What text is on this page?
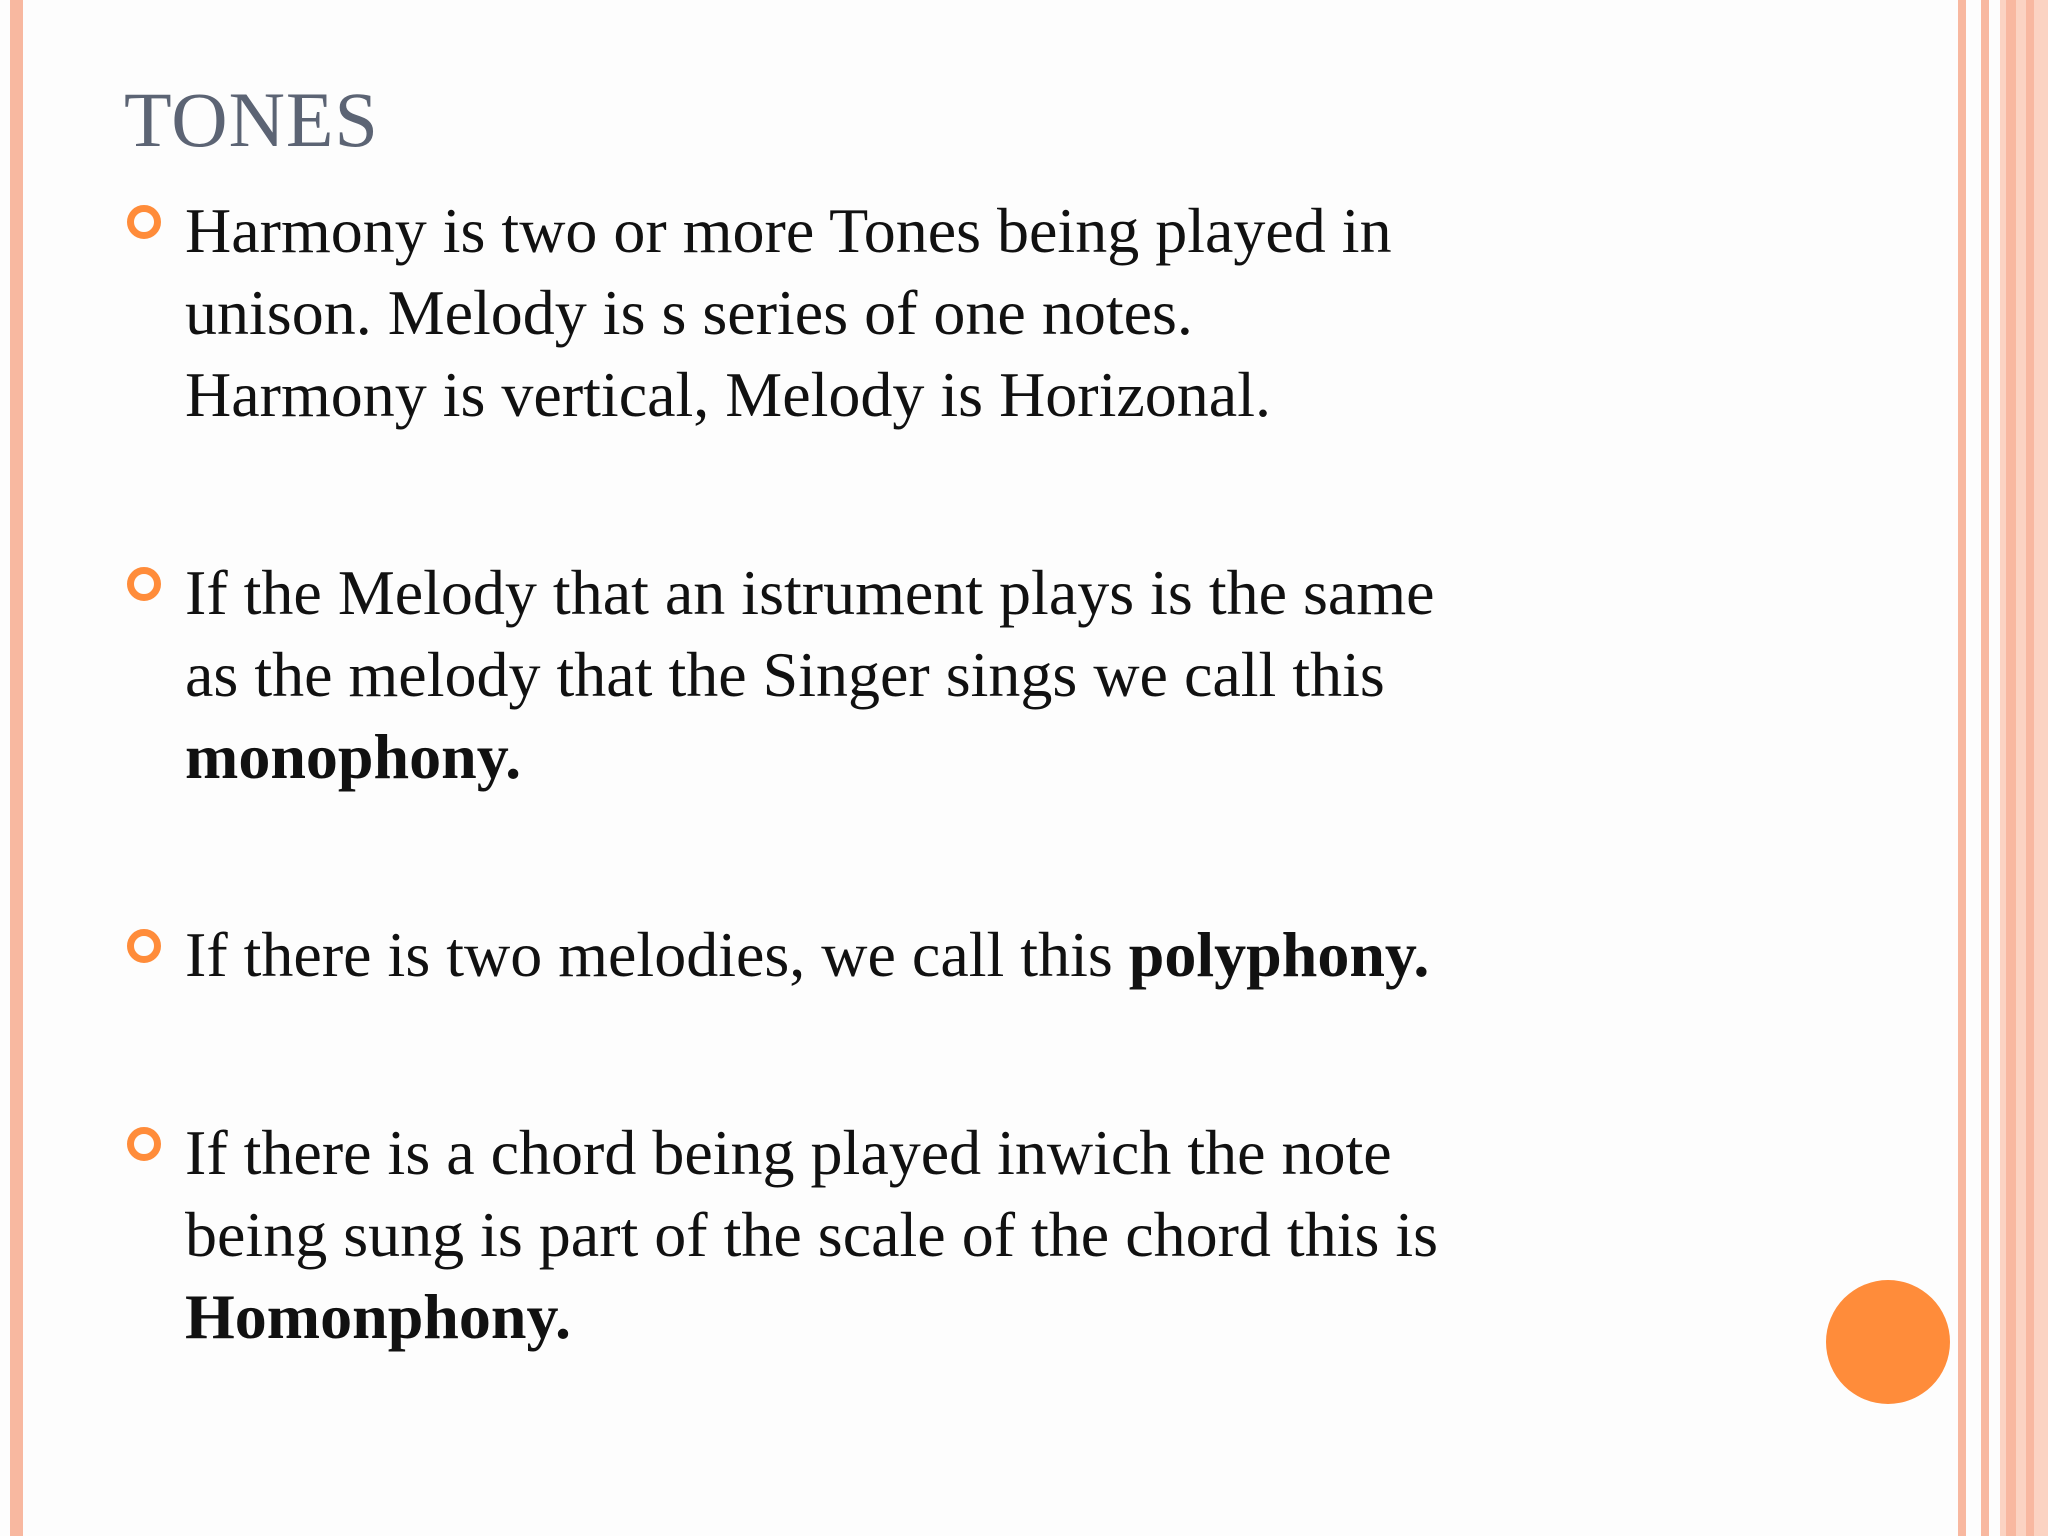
TONES
Harmony is two or more Tones being played in
unison. Melody is s series of one notes.
Harmony is vertical, Melody is Horizonal.
If the Melody that an istrument plays is the same
as the melody that the Singer sings we call this
monophony.
If there is two melodies, we call this polyphony.
If there is a chord being played inwich the note
being sung is part of the scale of the chord this is
Homonphony.
